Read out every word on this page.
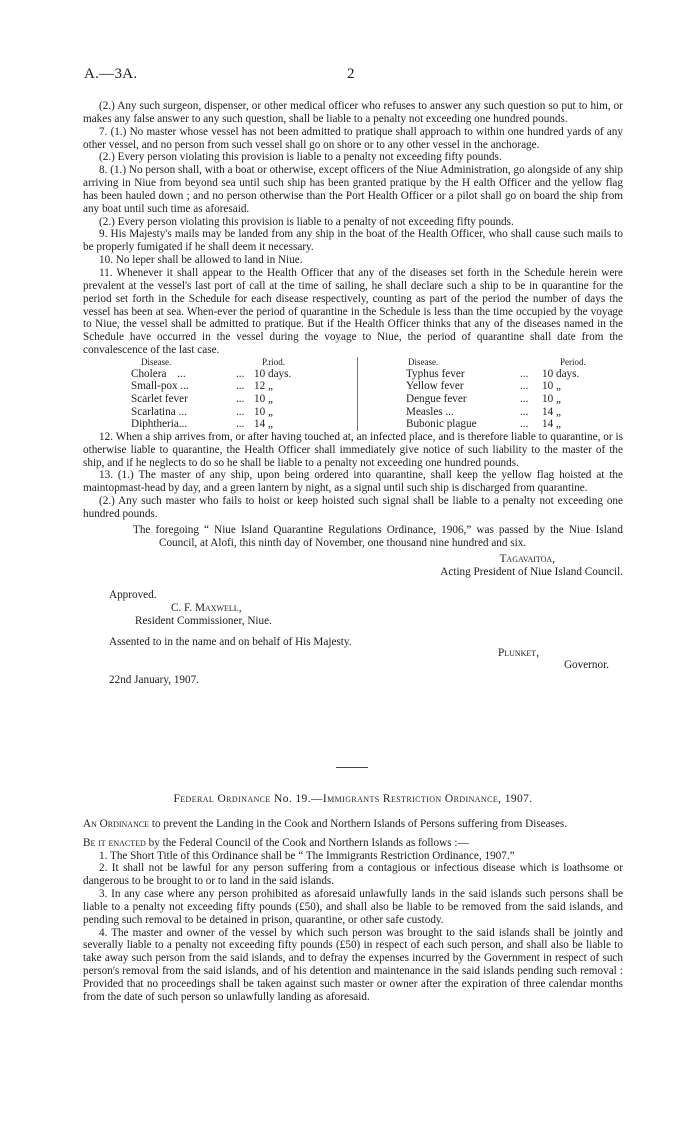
A.—3A.	2

(2.) Any such surgeon, dispenser, or other medical officer who refuses to answer any such question so put to him, or makes any false answer to any such question, shall be liable to a penalty not exceeding one hundred pounds.

7. (1.) No master whose vessel has not been admitted to pratique shall approach to within one hundred yards of any other vessel, and no person from such vessel shall go on shore or to any other vessel in the anchorage.

(2.) Every person violating this provision is liable to a penalty not exceeding fifty pounds.

8. (1.) No person shall, with a boat or otherwise, except officers of the Niue Administration, go alongside of any ship arriving in Niue from beyond sea until such ship has been granted pratique by the H ealth Officer and the yellow flag has been hauled down ; and no person otherwise than the Port Health Officer or a pilot shall go on board the ship from any boat until such time as aforesaid.

(2.) Every person violating this provision is liable to a penalty of not exceeding fifty pounds.

9. His Majesty's mails may be landed from any ship in the boat of the Health Officer, who shall cause such mails to be properly fumigated if he shall deem it necessary.

10. No leper shall be allowed to land in Niue.

11. Whenever it shall appear to the Health Officer that any of the diseases set forth in the Schedule herein were prevalent at the vessel's last port of call at the time of sailing, he shall declare such a ship to be in quarantine for the period set forth in the Schedule for each disease respectively, counting as part of the period the number of days the vessel has been at sea. When-ever the period of quarantine in the Schedule is less than the time occupied by the voyage to Niue, the vessel shall be admitted to pratique. But if the Health Officer thinks that any of the diseases named in the Schedule have occurred in the vessel during the voyage to Niue, the period of quarantine shall date from the convalescence of the last case.

Disease.		P.riod.	Disease.		Period.
Cholera ...	...	10 days.	Typhus fever	...	10 days.
Small-pox ...	...	12 „	Yellow fever	...	10 „
Scarlet fever	...	10 „	Dengue fever	...	10 „
Scarlatina ...	...	10 „	Measles ...	...	14 „
Diphtheria...	...	14 „	Bubonic plague	...	14 „

12. When a ship arrives from, or after having touched at, an infected place, and is therefore liable to quarantine, or is otherwise liable to quarantine, the Health Officer shall immediately give notice of such liability to the master of the ship, and if he neglects to do so he shall be liable to a penalty not exceeding one hundred pounds.

13. (1.) The master of any ship, upon being ordered into quarantine, shall keep the yellow flag hoisted at the maintopmast-head by day, and a green lantern by night, as a signal until such ship is discharged from quarantine.

(2.) Any such master who fails to hoist or keep hoisted such signal shall be liable to a penalty not exceeding one hundred pounds.

The foregoing “ Niue Island Quarantine Regulations Ordinance, 1906,” was passed by the Niue Island Council, at Alofi, this ninth day of November, one thousand nine hundred and six.

Tagavaitoa,

Acting President of Niue Island Council.

Approved.

C. F. Maxwell,

Resident Commissioner, Niue.

Assented to in the name and on behalf of His Majesty.

Plunket,

Governor.

22nd January, 1907.

Federal Ordinance No. 19.—Immigrants Restriction Ordinance, 1907.

An Ordinance to prevent the Landing in the Cook and Northern Islands of Persons suffering from Diseases.

Be it enacted by the Federal Council of the Cook and Northern Islands as follows :—

1. The Short Title of this Ordinance shall be “ The Immigrants Restriction Ordinance, 1907.”

2. It shall not be lawful for any person suffering from a contagious or infectious disease which is loathsome or dangerous to be brought to or to land in the said islands.

3. In any case where any person prohibited as aforesaid unlawfully lands in the said islands such persons shall be liable to a penalty not exceeding fifty pounds (£50), and shall also be liable to be removed from the said islands, and pending such removal to be detained in prison, quarantine, or other safe custody.

4. The master and owner of the vessel by which such person was brought to the said islands shall be jointly and severally liable to a penalty not exceeding fifty pounds (£50) in respect of each such person, and shall also be liable to take away such person from the said islands, and to defray the expenses incurred by the Government in respect of such person's removal from the said islands, and of his detention and maintenance in the said islands pending such removal : Provided that no proceedings shall be taken against such master or owner after the expiration of three calendar months from the date of such person so unlawfully landing as aforesaid.
